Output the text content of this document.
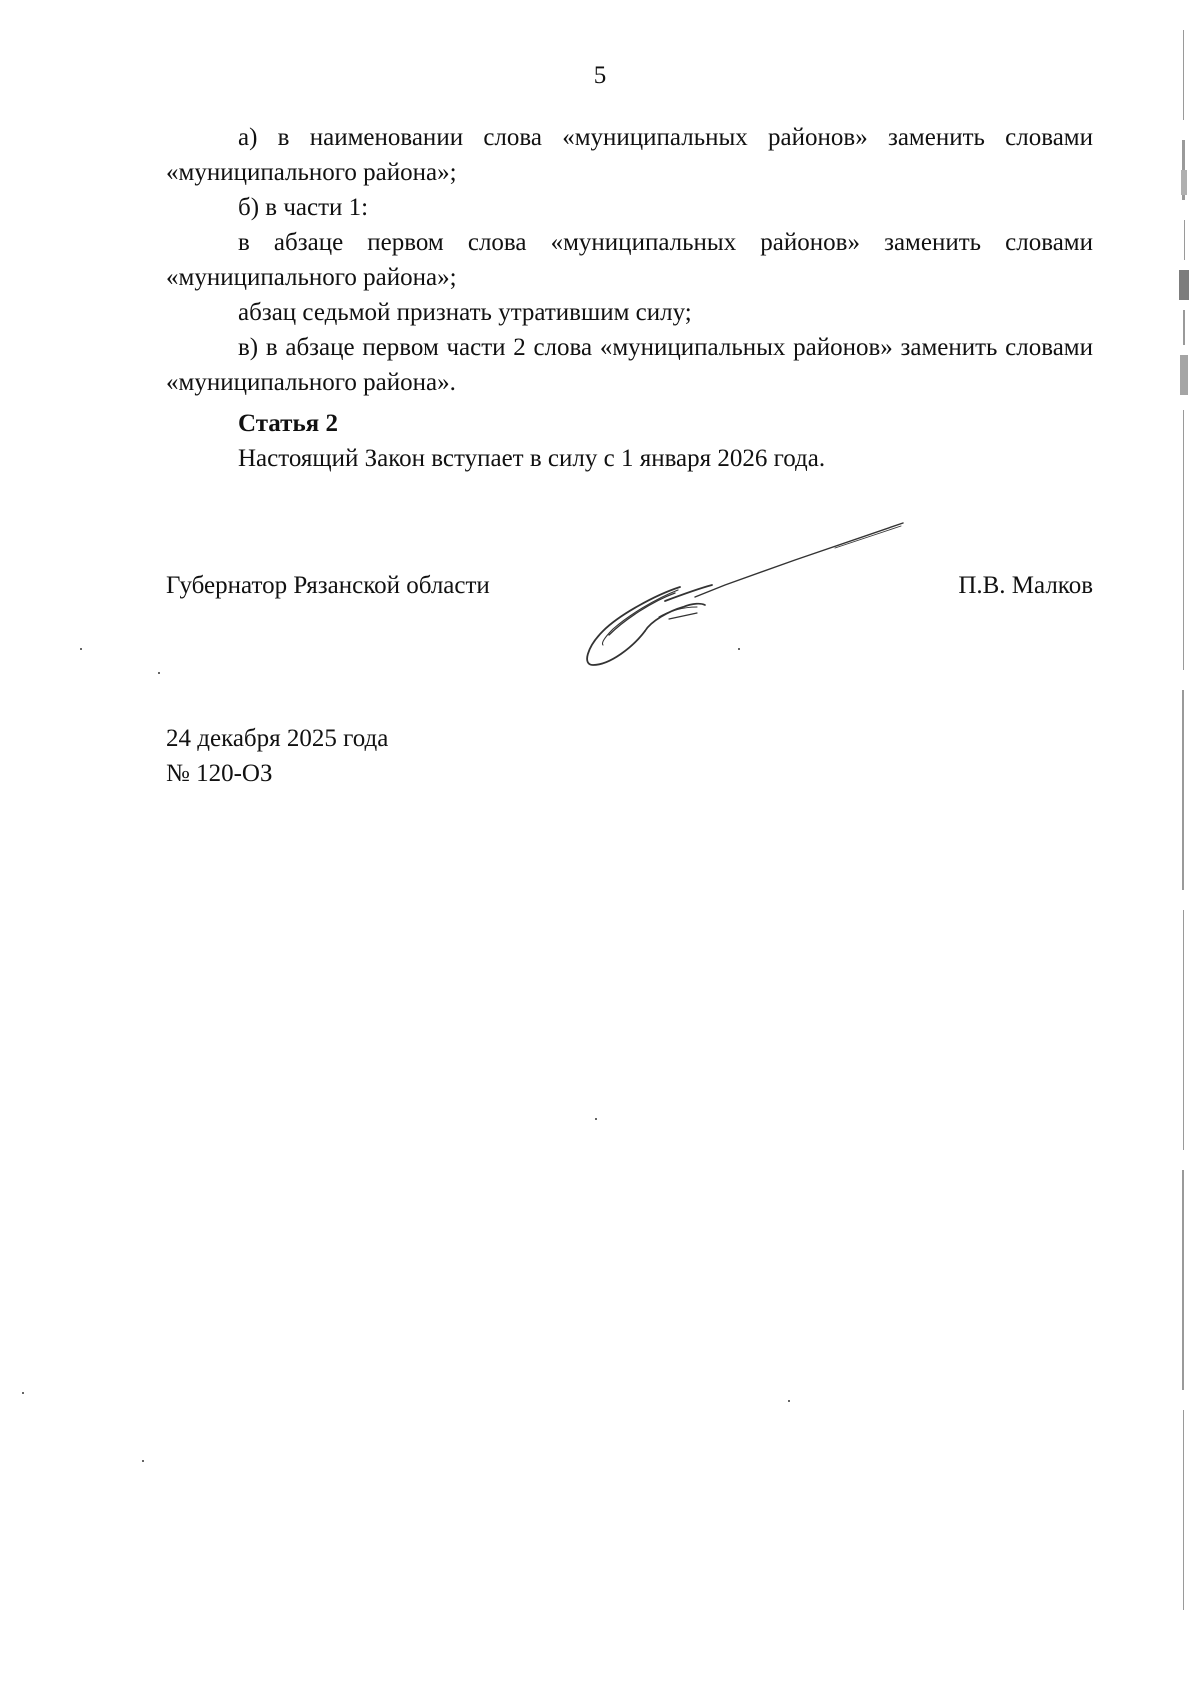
5

а) в наименовании слова «муниципальных районов» заменить словами «муниципального района»;

б) в части 1:

в абзаце первом слова «муниципальных районов» заменить словами «муниципального района»;

абзац седьмой признать утратившим силу;

в) в абзаце первом части 2 слова «муниципальных районов» заменить словами «муниципального района».

Статья 2

Настоящий Закон вступает в силу с 1 января 2026 года.

Губернатор Рязанской области	П.В. Малков
24 декабря 2025 года
№ 120-ОЗ
